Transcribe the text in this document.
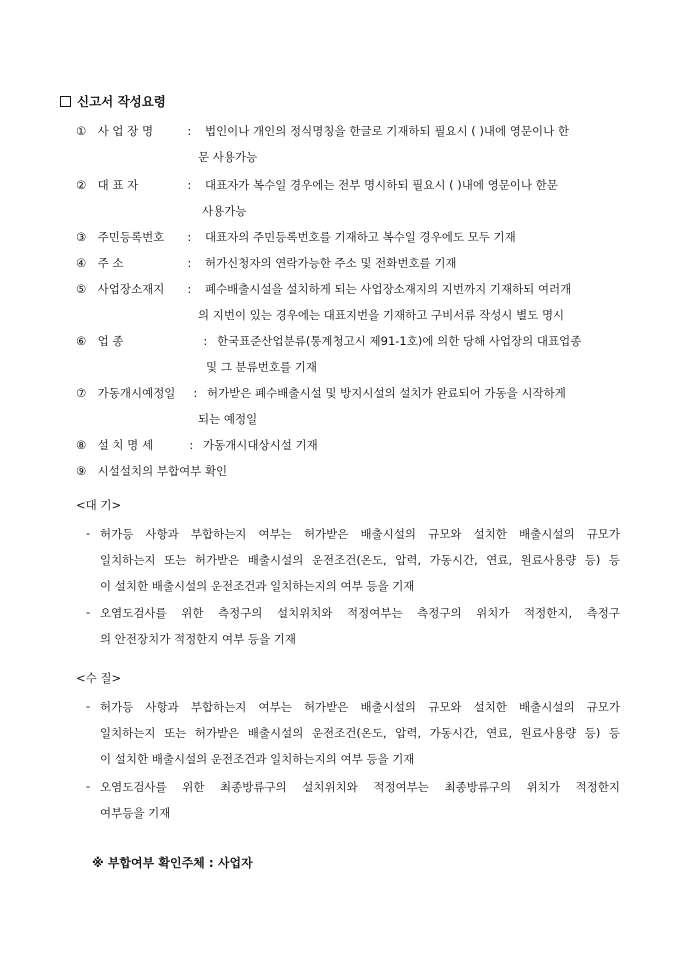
신고서 작성요령
① 사 업 장 명	: 법인이나 개인의 정식명칭을 한글로 기재하되 필요시 ( )내에 영문이나 한
문 사용가능
② 대 표 자	: 대표자가 복수일 경우에는 전부 명시하되 필요시 ( )내에 영문이나 한문
사용가능
③ 주민등록번호 : 대표자의 주민등록번호를 기재하고 복수일 경우에도 모두 기재
④ 주 소	: 허가신청자의 연락가능한 주소 및 전화번호를 기재
⑤ 사업장소재지 : 폐수배출시설을 설치하게 되는 사업장소재지의 지번까지 기재하되 여러개
의 지번이 있는 경우에는 대표지번을 기재하고 구비서류 작성시 별도 명시
⑥ 업 종	: 한국표준산업분류(통계청고시 제91-1호)에 의한 당해 사업장의 대표업종
및 그 분류번호를 기재
⑦ 가동개시예정일 : 허가받은 폐수배출시설 및 방지시설의 설치가 완료되어 가동을 시작하게
되는 예정일
⑧ 설 치 명 세	: 가동개시대상시설 기재
⑨ 시설설치의 부합여부 확인
<대 기>
- 허가등 사항과 부합하는지 여부는 허가받은 배출시설의 규모와 설치한 배출시설의 규모가
일치하는지 또는 허가받은 배출시설의 운전조건(온도, 압력, 가동시간, 연료, 원료사용량 등) 등
이 설치한 배출시설의 운전조건과 일치하는지의 여부 등을 기재
- 오염도검사를 위한 측정구의 설치위치와 적정여부는 측정구의 위치가 적정한지, 측정구
의 안전장치가 적정한지 여부 등을 기재
<수 질>
- 허가등 사항과 부합하는지 여부는 허가받은 배출시설의 규모와 설치한 배출시설의 규모가
일치하는지 또는 허가받은 배출시설의 운전조건(온도, 압력, 가동시간, 연료, 원료사용량 등) 등
이 설치한 배출시설의 운전조건과 일치하는지의 여부 등을 기재
- 오염도검사를 위한 최종방류구의 설치위치와 적정여부는 최종방류구의 위치가 적정한지
여부등을 기재
※ 부합여부 확인주체 : 사업자
